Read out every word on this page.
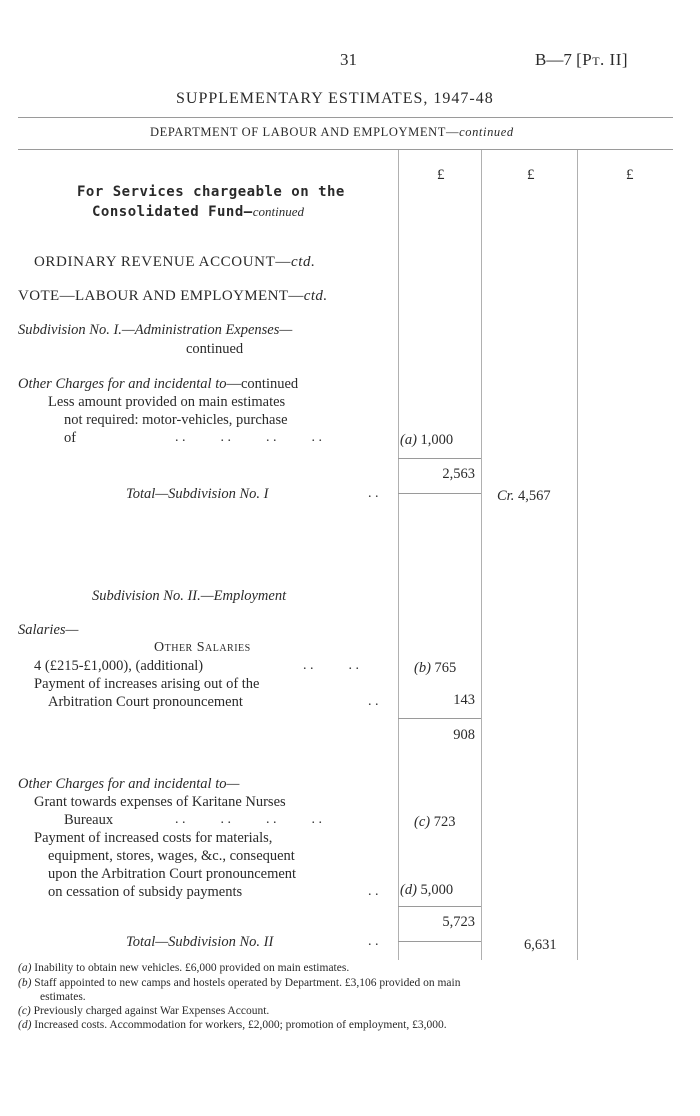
31	B—7 [Pt. II]
SUPPLEMENTARY ESTIMATES, 1947-48
DEPARTMENT OF LABOUR AND EMPLOYMENT—continued
£	£	£
For Services chargeable on the
Consolidated Fund—continued
ORDINARY REVENUE ACCOUNT—ctd.
VOTE—LABOUR AND EMPLOYMENT—ctd.
Subdivision No. I.—Administration Expenses—
continued
Other Charges for and incidental to—continued
Less amount provided on main estimates
not required: motor-vehicles, purchase
of	. .          . .          . .          . .	(a) 1,000
2,563
Total—Subdivision No. I	. .	Cr. 4,567
Subdivision No. II.—Employment
Salaries—
Other Salaries
4 (£215-£1,000), (additional)	. .          . .	(b) 765
Payment of increases arising out of the
Arbitration Court pronouncement	. .	143
908
Other Charges for and incidental to—
Grant towards expenses of Karitane Nurses
Bureaux	. .          . .          . .          . .	(c) 723
Payment of increased costs for materials,
equipment, stores, wages, &c., consequent
upon the Arbitration Court pronouncement
on cessation of subsidy payments	. . (d) 5,000
5,723
Total—Subdivision No. II	. .	6,631
(a) Inability to obtain new vehicles. £6,000 provided on main estimates.
(b) Staff appointed to new camps and hostels operated by Department. £3,106 provided on main
estimates.
(c) Previously charged against War Expenses Account.
(d) Increased costs. Accommodation for workers, £2,000; promotion of employment, £3,000.
